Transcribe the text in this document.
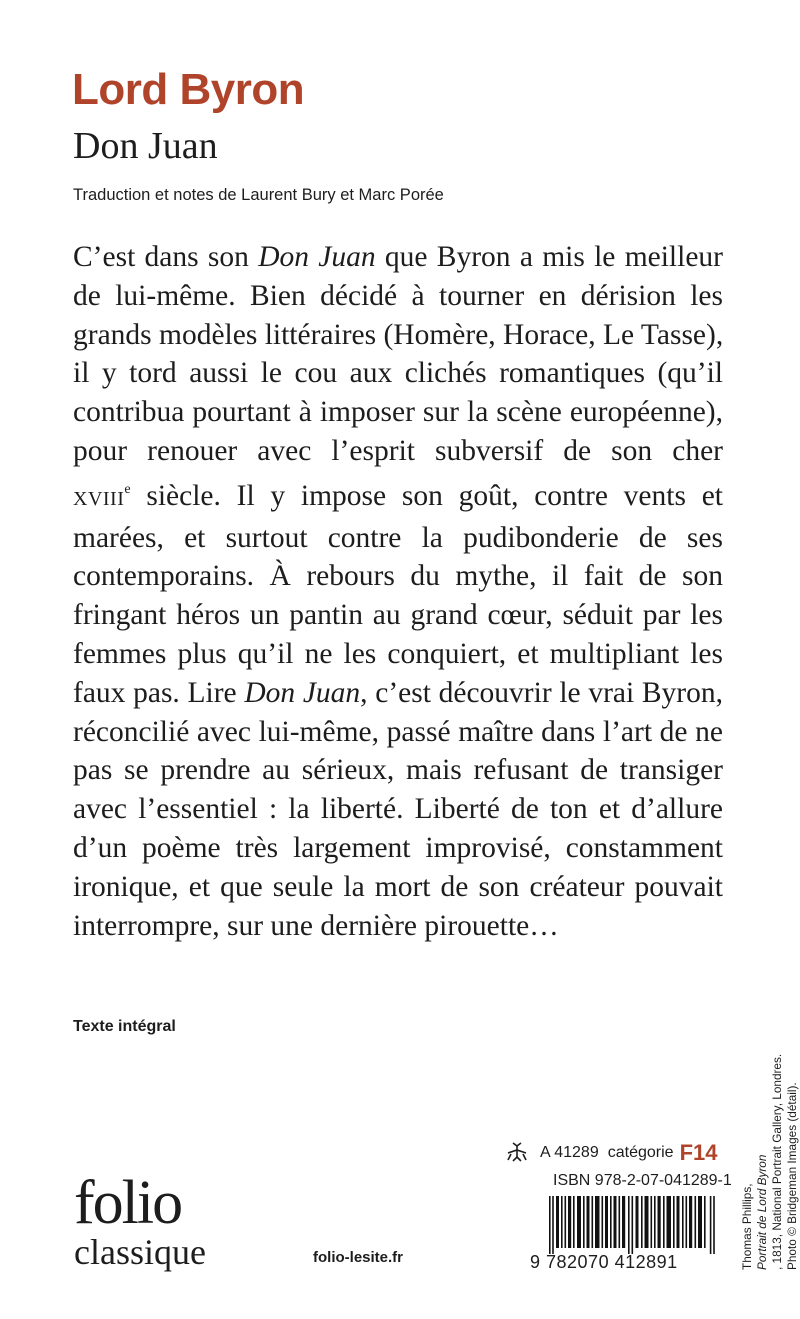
Lord Byron
Don Juan
Traduction et notes de Laurent Bury et Marc Porée
C’est dans son Don Juan que Byron a mis le meilleur
de lui-même. Bien décidé à tourner en dérision les
grands modèles littéraires (Homère, Horace, Le Tasse),
il y tord aussi le cou aux clichés romantiques (qu’il
contribua pourtant à imposer sur la scène européenne),
pour renouer avec l’esprit subversif de son cher
XVIIIe siècle. Il y impose son goût, contre vents et
marées, et surtout contre la pudibonderie de ses
contemporains. À rebours du mythe, il fait de son
fringant héros un pantin au grand cœur, séduit par les
femmes plus qu’il ne les conquiert, et multipliant les
faux pas. Lire Don Juan, c’est découvrir le vrai Byron,
réconcilié avec lui-même, passé maître dans l’art de ne
pas se prendre au sérieux, mais refusant de transiger
avec l’essentiel : la liberté. Liberté de ton et d’allure
d’un poème très largement improvisé, constamment
ironique, et que seule la mort de son créateur pouvait
interrompre, sur une dernière pirouette…
Texte intégral
folio
classique	folio-lesite.fr
A 41289 catégorie F14
ISBN 978-2-07-041289-1
9 782070 412891	Thomas Phillips, Portrait de Lord Byron , 1813, National Portrait Gallery, Londres. Photo © Bridgeman Images (détail).
